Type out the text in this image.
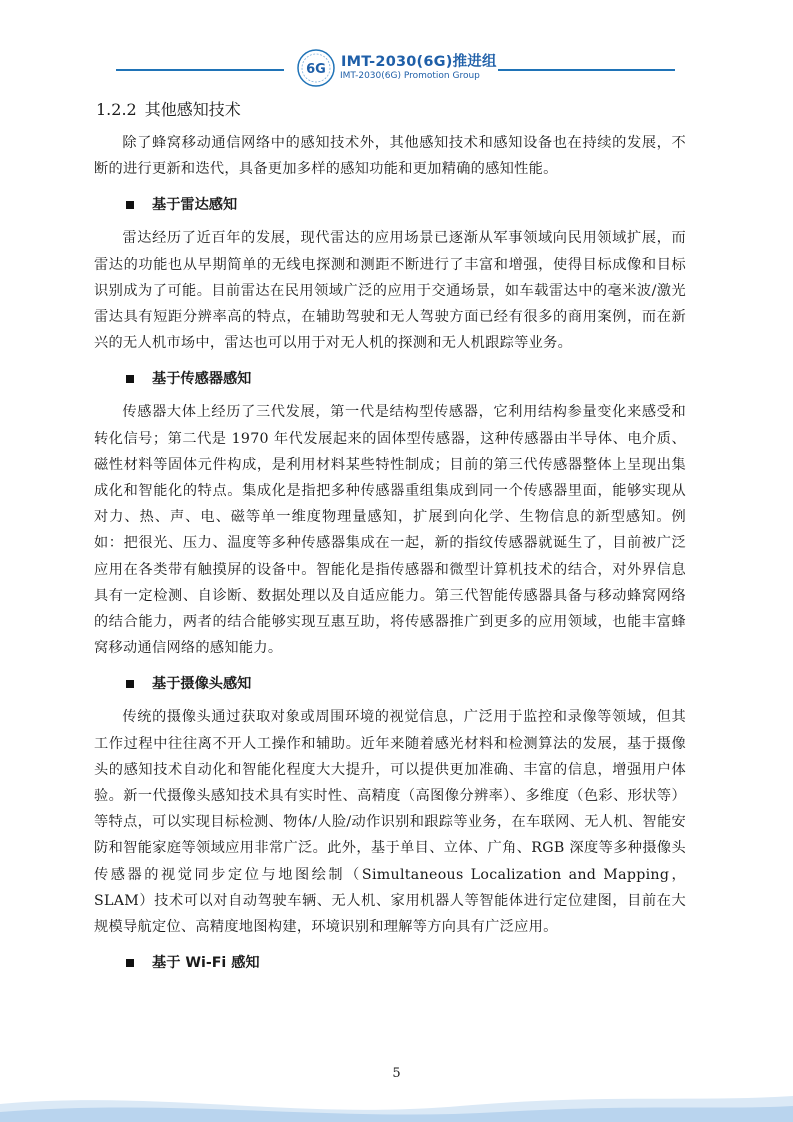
6G IMT-2030(6G)推进组
IMT-2030(6G) Promotion Group
1.2.2 其他感知技术

除了蜂窝移动通信网络中的感知技术外，其他感知技术和感知设备也在持续的发展，不断的进行更新和迭代，具备更加多样的感知功能和更加精确的感知性能。

基于雷达感知

雷达经历了近百年的发展，现代雷达的应用场景已逐渐从军事领域向民用领域扩展，而雷达的功能也从早期简单的无线电探测和测距不断进行了丰富和增强，使得目标成像和目标识别成为了可能。目前雷达在民用领域广泛的应用于交通场景，如车载雷达中的毫米波/激光雷达具有短距分辨率高的特点，在辅助驾驶和无人驾驶方面已经有很多的商用案例，而在新兴的无人机市场中，雷达也可以用于对无人机的探测和无人机跟踪等业务。

基于传感器感知

传感器大体上经历了三代发展，第一代是结构型传感器，它利用结构参量变化来感受和转化信号；第二代是 1970 年代发展起来的固体型传感器，这种传感器由半导体、电介质、磁性材料等固体元件构成，是利用材料某些特性制成；目前的第三代传感器整体上呈现出集成化和智能化的特点。集成化是指把多种传感器重组集成到同一个传感器里面，能够实现从对力、热、声、电、磁等单一维度物理量感知，扩展到向化学、生物信息的新型感知。例如：把很光、压力、温度等多种传感器集成在一起，新的指纹传感器就诞生了，目前被广泛应用在各类带有触摸屏的设备中。智能化是指传感器和微型计算机技术的结合，对外界信息具有一定检测、自诊断、数据处理以及自适应能力。第三代智能传感器具备与移动蜂窝网络的结合能力，两者的结合能够实现互惠互助，将传感器推广到更多的应用领域，也能丰富蜂窝移动通信网络的感知能力。

基于摄像头感知

传统的摄像头通过获取对象或周围环境的视觉信息，广泛用于监控和录像等领域，但其工作过程中往往离不开人工操作和辅助。近年来随着感光材料和检测算法的发展，基于摄像头的感知技术自动化和智能化程度大大提升，可以提供更加准确、丰富的信息，增强用户体验。新一代摄像头感知技术具有实时性、高精度（高图像分辨率）、多维度（色彩、形状等）等特点，可以实现目标检测、物体/人脸/动作识别和跟踪等业务，在车联网、无人机、智能安防和智能家庭等领域应用非常广泛。此外，基于单目、立体、广角、RGB 深度等多种摄像头传感器的视觉同步定位与地图绘制（Simultaneous Localization and Mapping，SLAM）技术可以对自动驾驶车辆、无人机、家用机器人等智能体进行定位建图，目前在大规模导航定位、高精度地图构建，环境识别和理解等方向具有广泛应用。

基于 Wi-Fi 感知
5
